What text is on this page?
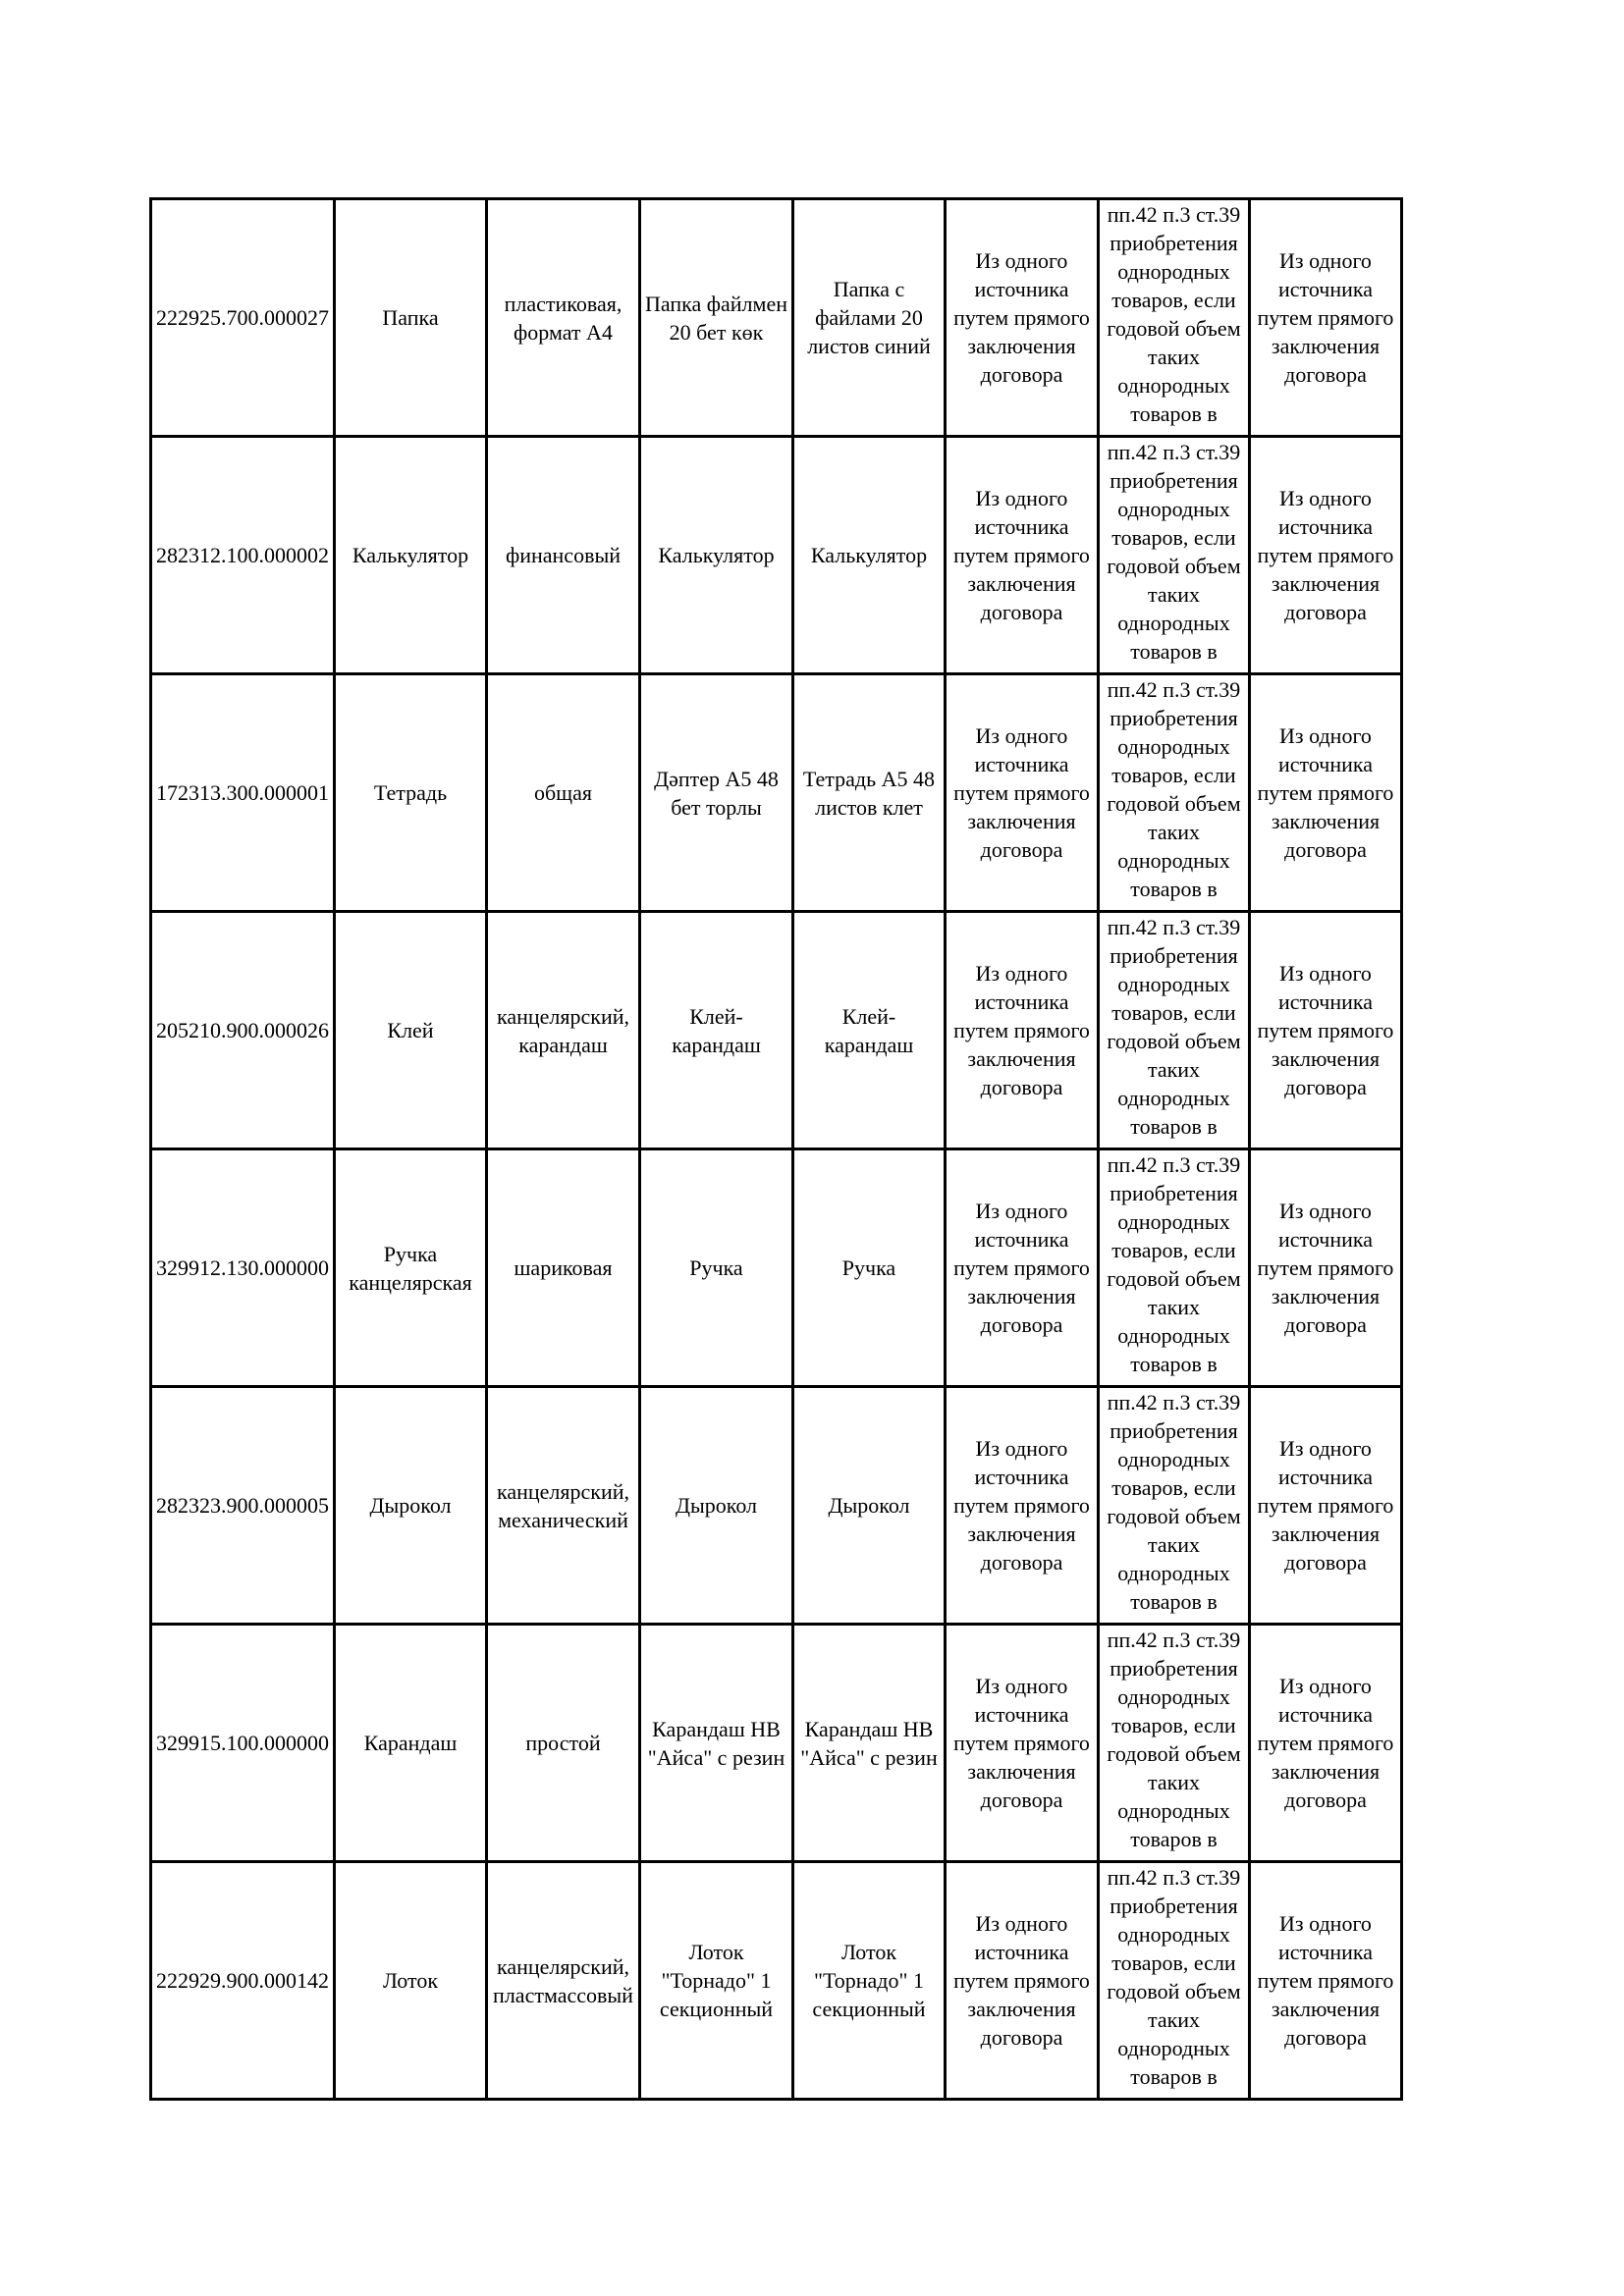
222925.700.000027	Папка	пластиковая, формат А4	Папка файлмен 20 бет көк	Папка с файлами 20 листов синий	Из одного источника путем прямого заключения договора	пп.42 п.3 ст.39 приобретения однородных товаров, если годовой объем таких однородных товаров в	Из одного источника путем прямого заключения договора

282312.100.000002	Калькулятор	финансовый	Калькулятор	Калькулятор	Из одного источника путем прямого заключения договора	пп.42 п.3 ст.39 приобретения однородных товаров, если годовой объем таких однородных товаров в	Из одного источника путем прямого заключения договора

172313.300.000001	Тетрадь	общая	Дәптер А5 48 бет торлы	Тетрадь А5 48 листов клет	Из одного источника путем прямого заключения договора	пп.42 п.3 ст.39 приобретения однородных товаров, если годовой объем таких однородных товаров в	Из одного источника путем прямого заключения договора

205210.900.000026	Клей	канцелярский, карандаш	Клей-карандаш	Клей-карандаш	Из одного источника путем прямого заключения договора	пп.42 п.3 ст.39 приобретения однородных товаров, если годовой объем таких однородных товаров в	Из одного источника путем прямого заключения договора

329912.130.000000	Ручка канцелярская	шариковая	Ручка	Ручка	Из одного источника путем прямого заключения договора	пп.42 п.3 ст.39 приобретения однородных товаров, если годовой объем таких однородных товаров в	Из одного источника путем прямого заключения договора

282323.900.000005	Дырокол	канцелярский, механический	Дырокол	Дырокол	Из одного источника путем прямого заключения договора	пп.42 п.3 ст.39 приобретения однородных товаров, если годовой объем таких однородных товаров в	Из одного источника путем прямого заключения договора

329915.100.000000	Карандаш	простой	Карандаш HB "Айса" с резин	Карандаш HB "Айса" с резин	Из одного источника путем прямого заключения договора	пп.42 п.3 ст.39 приобретения однородных товаров, если годовой объем таких однородных товаров в	Из одного источника путем прямого заключения договора

222929.900.000142	Лоток	канцелярский, пластмассовый	Лоток "Торнадо" 1 секционный	Лоток "Торнадо" 1 секционный	Из одного источника путем прямого заключения договора	пп.42 п.3 ст.39 приобретения однородных товаров, если годовой объем таких однородных товаров в	Из одного источника путем прямого заключения договора
